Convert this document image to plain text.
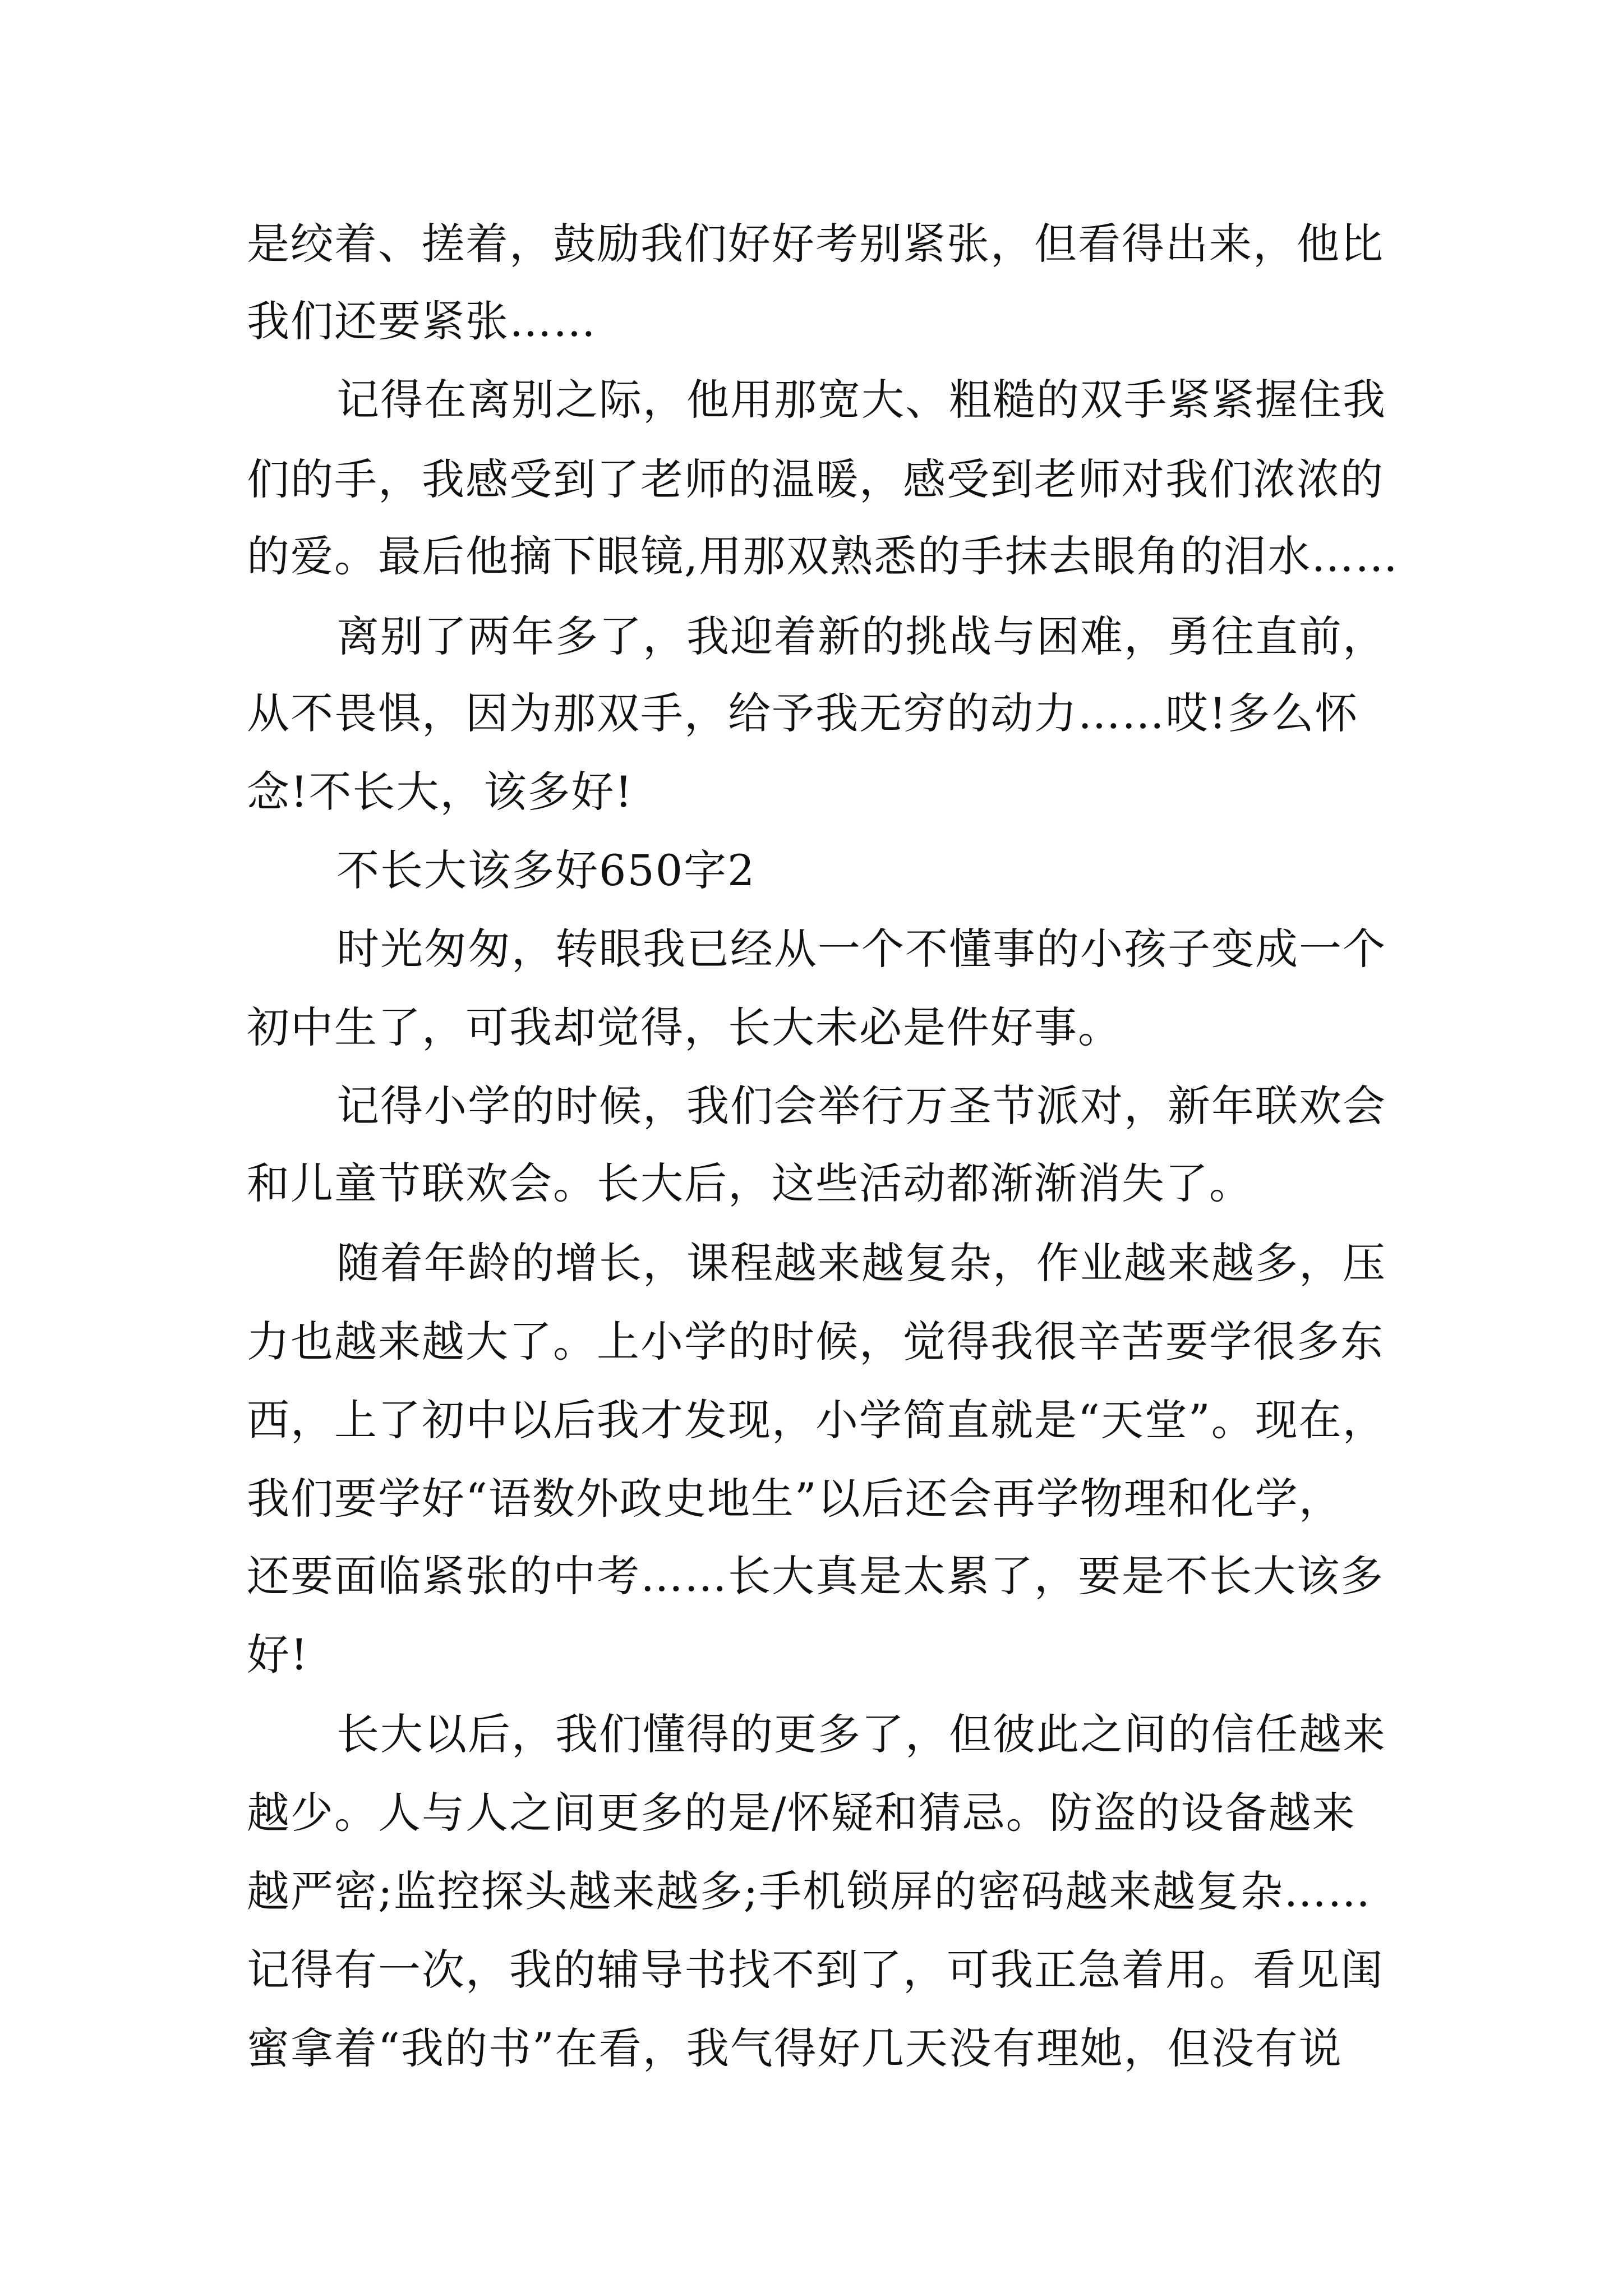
是绞着、搓着，鼓励我们好好考别紧张，但看得出来，他比

我们还要紧张……

记得在离别之际，他用那宽大、粗糙的双手紧紧握住我

们的手，我感受到了老师的温暖，感受到老师对我们浓浓的

的爱。最后他摘下眼镜,用那双熟悉的手抹去眼角的泪水……

离别了两年多了，我迎着新的挑战与困难，勇往直前，

从不畏惧，因为那双手，给予我无穷的动力……哎!多么怀

念!不长大，该多好!

不长大该多好650字2

时光匆匆，转眼我已经从一个不懂事的小孩子变成一个

初中生了，可我却觉得，长大未必是件好事。

记得小学的时候，我们会举行万圣节派对，新年联欢会

和儿童节联欢会。长大后，这些活动都渐渐消失了。

随着年龄的增长，课程越来越复杂，作业越来越多，压

力也越来越大了。上小学的时候，觉得我很辛苦要学很多东

西，上了初中以后我才发现，小学简直就是“天堂”。现在，

我们要学好“语数外政史地生”以后还会再学物理和化学，

还要面临紧张的中考……长大真是太累了，要是不长大该多

好!

长大以后，我们懂得的更多了，但彼此之间的信任越来

越少。人与人之间更多的是/怀疑和猜忌。防盗的设备越来

越严密;监控探头越来越多;手机锁屏的密码越来越复杂……

记得有一次，我的辅导书找不到了，可我正急着用。看见闺

蜜拿着“我的书”在看，我气得好几天没有理她，但没有说
